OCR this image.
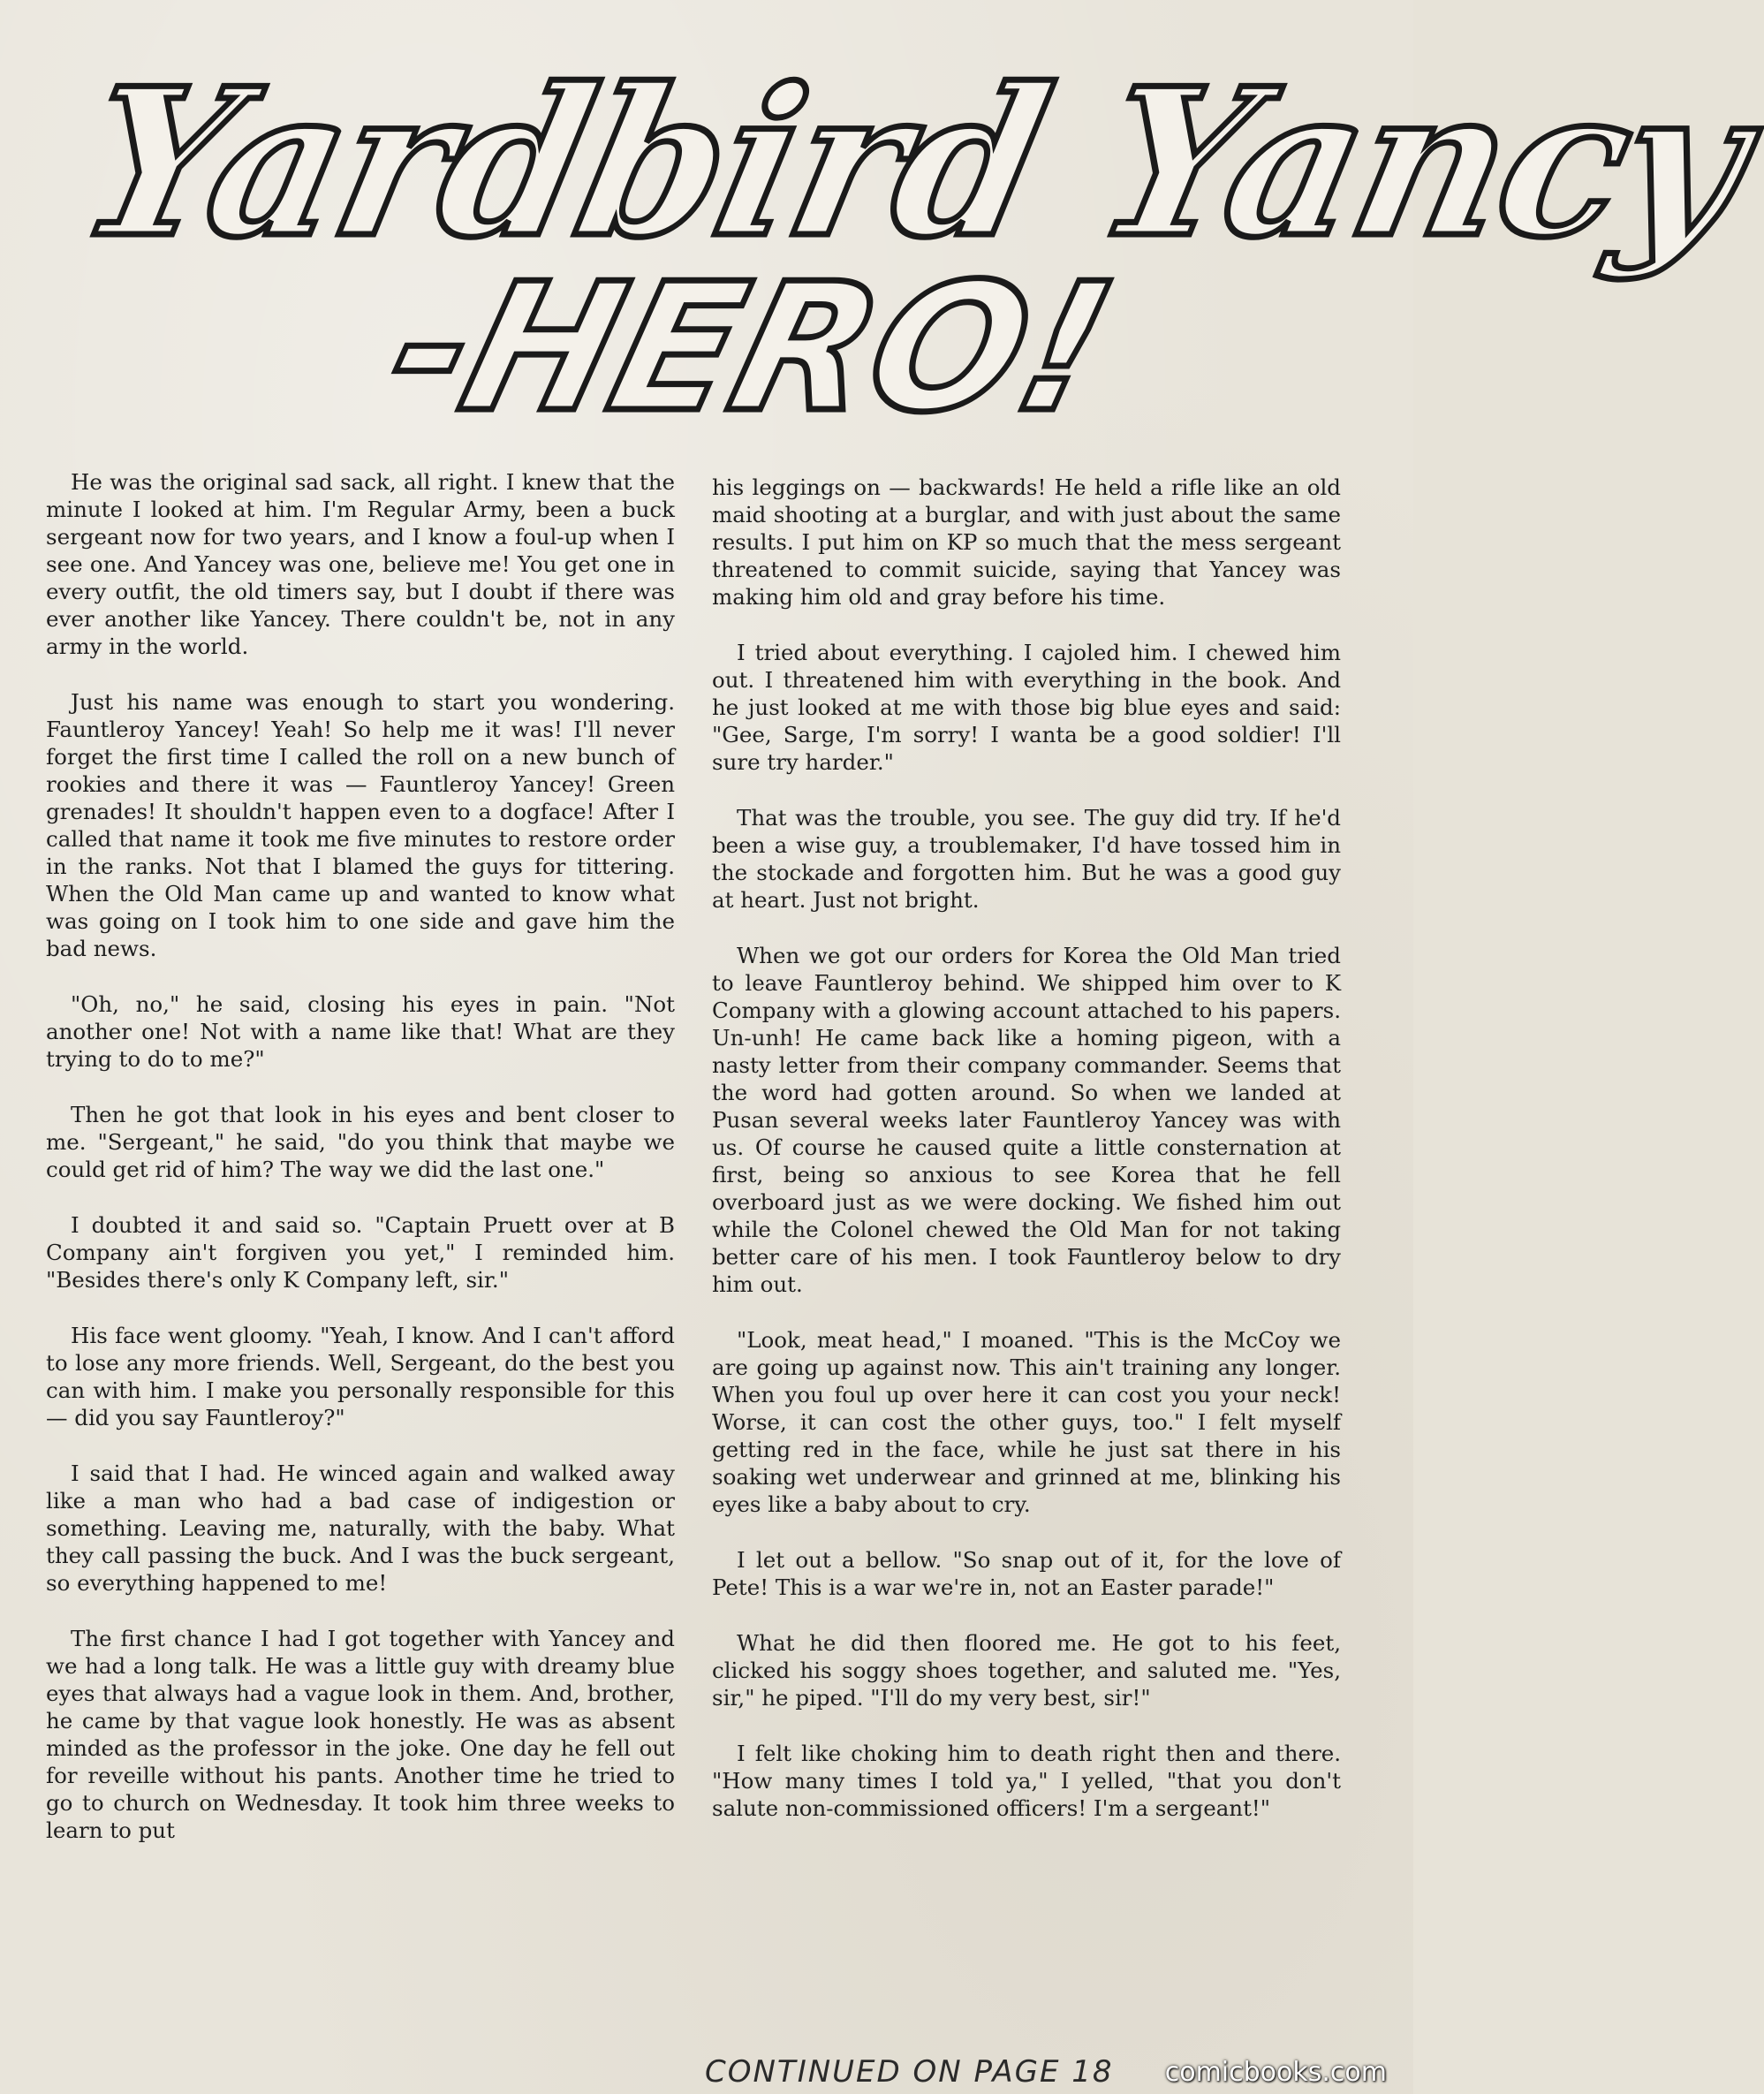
Yardbird Yancy
-HERO!

He was the original sad sack, all right. I knew that the minute I looked at him. I'm Regular Army, been a buck sergeant now for two years, and I know a foul-up when I see one. And Yancey was one, believe me! You get one in every outfit, the old timers say, but I doubt if there was ever another like Yancey. There couldn't be, not in any army in the world.

Just his name was enough to start you wondering. Fauntleroy Yancey! Yeah! So help me it was! I'll never forget the first time I called the roll on a new bunch of rookies and there it was — Fauntleroy Yancey! Green grenades! It shouldn't happen even to a dogface! After I called that name it took me five minutes to restore order in the ranks. Not that I blamed the guys for tittering. When the Old Man came up and wanted to know what was going on I took him to one side and gave him the bad news.

"Oh, no," he said, closing his eyes in pain. "Not another one! Not with a name like that! What are they trying to do to me?"

Then he got that look in his eyes and bent closer to me. "Sergeant," he said, "do you think that maybe we could get rid of him? The way we did the last one."

I doubted it and said so. "Captain Pruett over at B Company ain't forgiven you yet," I reminded him. "Besides there's only K Company left, sir."

His face went gloomy. "Yeah, I know. And I can't afford to lose any more friends. Well, Sergeant, do the best you can with him. I make you personally responsible for this — did you say Fauntleroy?"

I said that I had. He winced again and walked away like a man who had a bad case of indigestion or something. Leaving me, naturally, with the baby. What they call passing the buck. And I was the buck sergeant, so everything happened to me!

The first chance I had I got together with Yancey and we had a long talk. He was a little guy with dreamy blue eyes that always had a vague look in them. And, brother, he came by that vague look honestly. He was as absent minded as the professor in the joke. One day he fell out for reveille without his pants. Another time he tried to go to church on Wednesday. It took him three weeks to learn to put

his leggings on — backwards! He held a rifle like an old maid shooting at a burglar, and with just about the same results. I put him on KP so much that the mess sergeant threatened to commit suicide, saying that Yancey was making him old and gray before his time.

I tried about everything. I cajoled him. I chewed him out. I threatened him with everything in the book. And he just looked at me with those big blue eyes and said: "Gee, Sarge, I'm sorry! I wanta be a good soldier! I'll sure try harder."

That was the trouble, you see. The guy did try. If he'd been a wise guy, a troublemaker, I'd have tossed him in the stockade and forgotten him. But he was a good guy at heart. Just not bright.

When we got our orders for Korea the Old Man tried to leave Fauntleroy behind. We shipped him over to K Company with a glowing account attached to his papers. Un-unh! He came back like a homing pigeon, with a nasty letter from their company commander. Seems that the word had gotten around. So when we landed at Pusan several weeks later Fauntleroy Yancey was with us. Of course he caused quite a little consternation at first, being so anxious to see Korea that he fell overboard just as we were docking. We fished him out while the Colonel chewed the Old Man for not taking better care of his men. I took Fauntleroy below to dry him out.

"Look, meat head," I moaned. "This is the McCoy we are going up against now. This ain't training any longer. When you foul up over here it can cost you your neck! Worse, it can cost the other guys, too." I felt myself getting red in the face, while he just sat there in his soaking wet underwear and grinned at me, blinking his eyes like a baby about to cry.

I let out a bellow. "So snap out of it, for the love of Pete! This is a war we're in, not an Easter parade!"

What he did then floored me. He got to his feet, clicked his soggy shoes together, and saluted me. "Yes, sir," he piped. "I'll do my very best, sir!"

I felt like choking him to death right then and there. "How many times I told ya," I yelled, "that you don't salute non-commissioned officers! I'm a sergeant!"

CONTINUED ON PAGE 18 comicbooks.com
